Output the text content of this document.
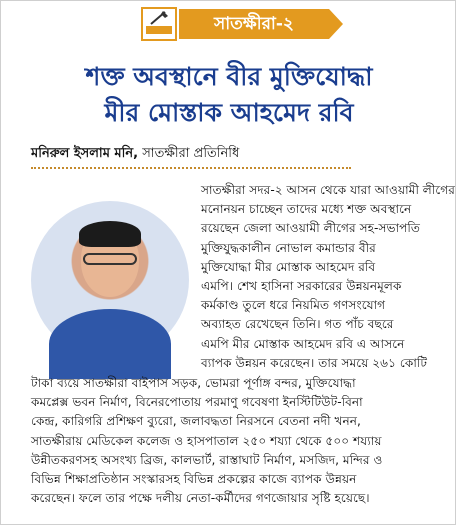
সাতক্ষীরা-২
শক্ত অবস্থানে বীর মুক্তিযোদ্ধা
মীর মোস্তাক আহমেদ রবি
মনিরুল ইসলাম মনি, সাতক্ষীরা প্রতিনিধি
সাতক্ষীরা সদর-২ আসন থেকে যারা আওয়ামী লীগের
মনোনয়ন চাচ্ছেন তাদের মধ্যে শক্ত অবস্থানে
রয়েছেন জেলা আওয়ামী লীগের সহ-সভাপতি
মুক্তিযুদ্ধকালীন নোভাল কমান্ডার বীর
মুক্তিযোদ্ধা মীর মোস্তাক আহমেদ রবি
এমপি। শেখ হাসিনা সরকারের উন্নয়নমূলক
কর্মকাণ্ড তুলে ধরে নিয়মিত গণসংযোগ
অব্যাহত রেখেছেন তিনি। গত পাঁচ বছরে
এমপি মীর মোস্তাক আহমেদ রবি এ আসনে
ব্যাপক উন্নয়ন করেছেন। তার সময়ে ২৬১ কোটি
টাকা ব্যয়ে সাতক্ষীরা বাইপাস সড়ক, ভোমরা পূর্ণাঙ্গ বন্দর, মুক্তিযোদ্ধা
কমপ্লেক্স ভবন নির্মাণ, বিনেরপোতায় পরমাণু গবেষণা ইনস্টিটিউট-বিনা
কেন্দ্র, কারিগরি প্রশিক্ষণ ব্যুরো, জলাবদ্ধতা নিরসনে বেতনা নদী খনন,
সাতক্ষীরায় মেডিকেল কলেজ ও হাসপাতাল ২৫০ শয্যা থেকে ৫০০ শয্যায়
উন্নীতকরণসহ অসংখ্য ব্রিজ, কালভার্ট, রাস্তাঘাট নির্মাণ, মসজিদ, মন্দির ও
বিভিন্ন শিক্ষাপ্রতিষ্ঠান সংস্কারসহ বিভিন্ন প্রকল্পের কাজে ব্যাপক উন্নয়ন
করেছেন। ফলে তার পক্ষে দলীয় নেতা-কর্মীদের গণজোয়ার সৃষ্টি হয়েছে।
